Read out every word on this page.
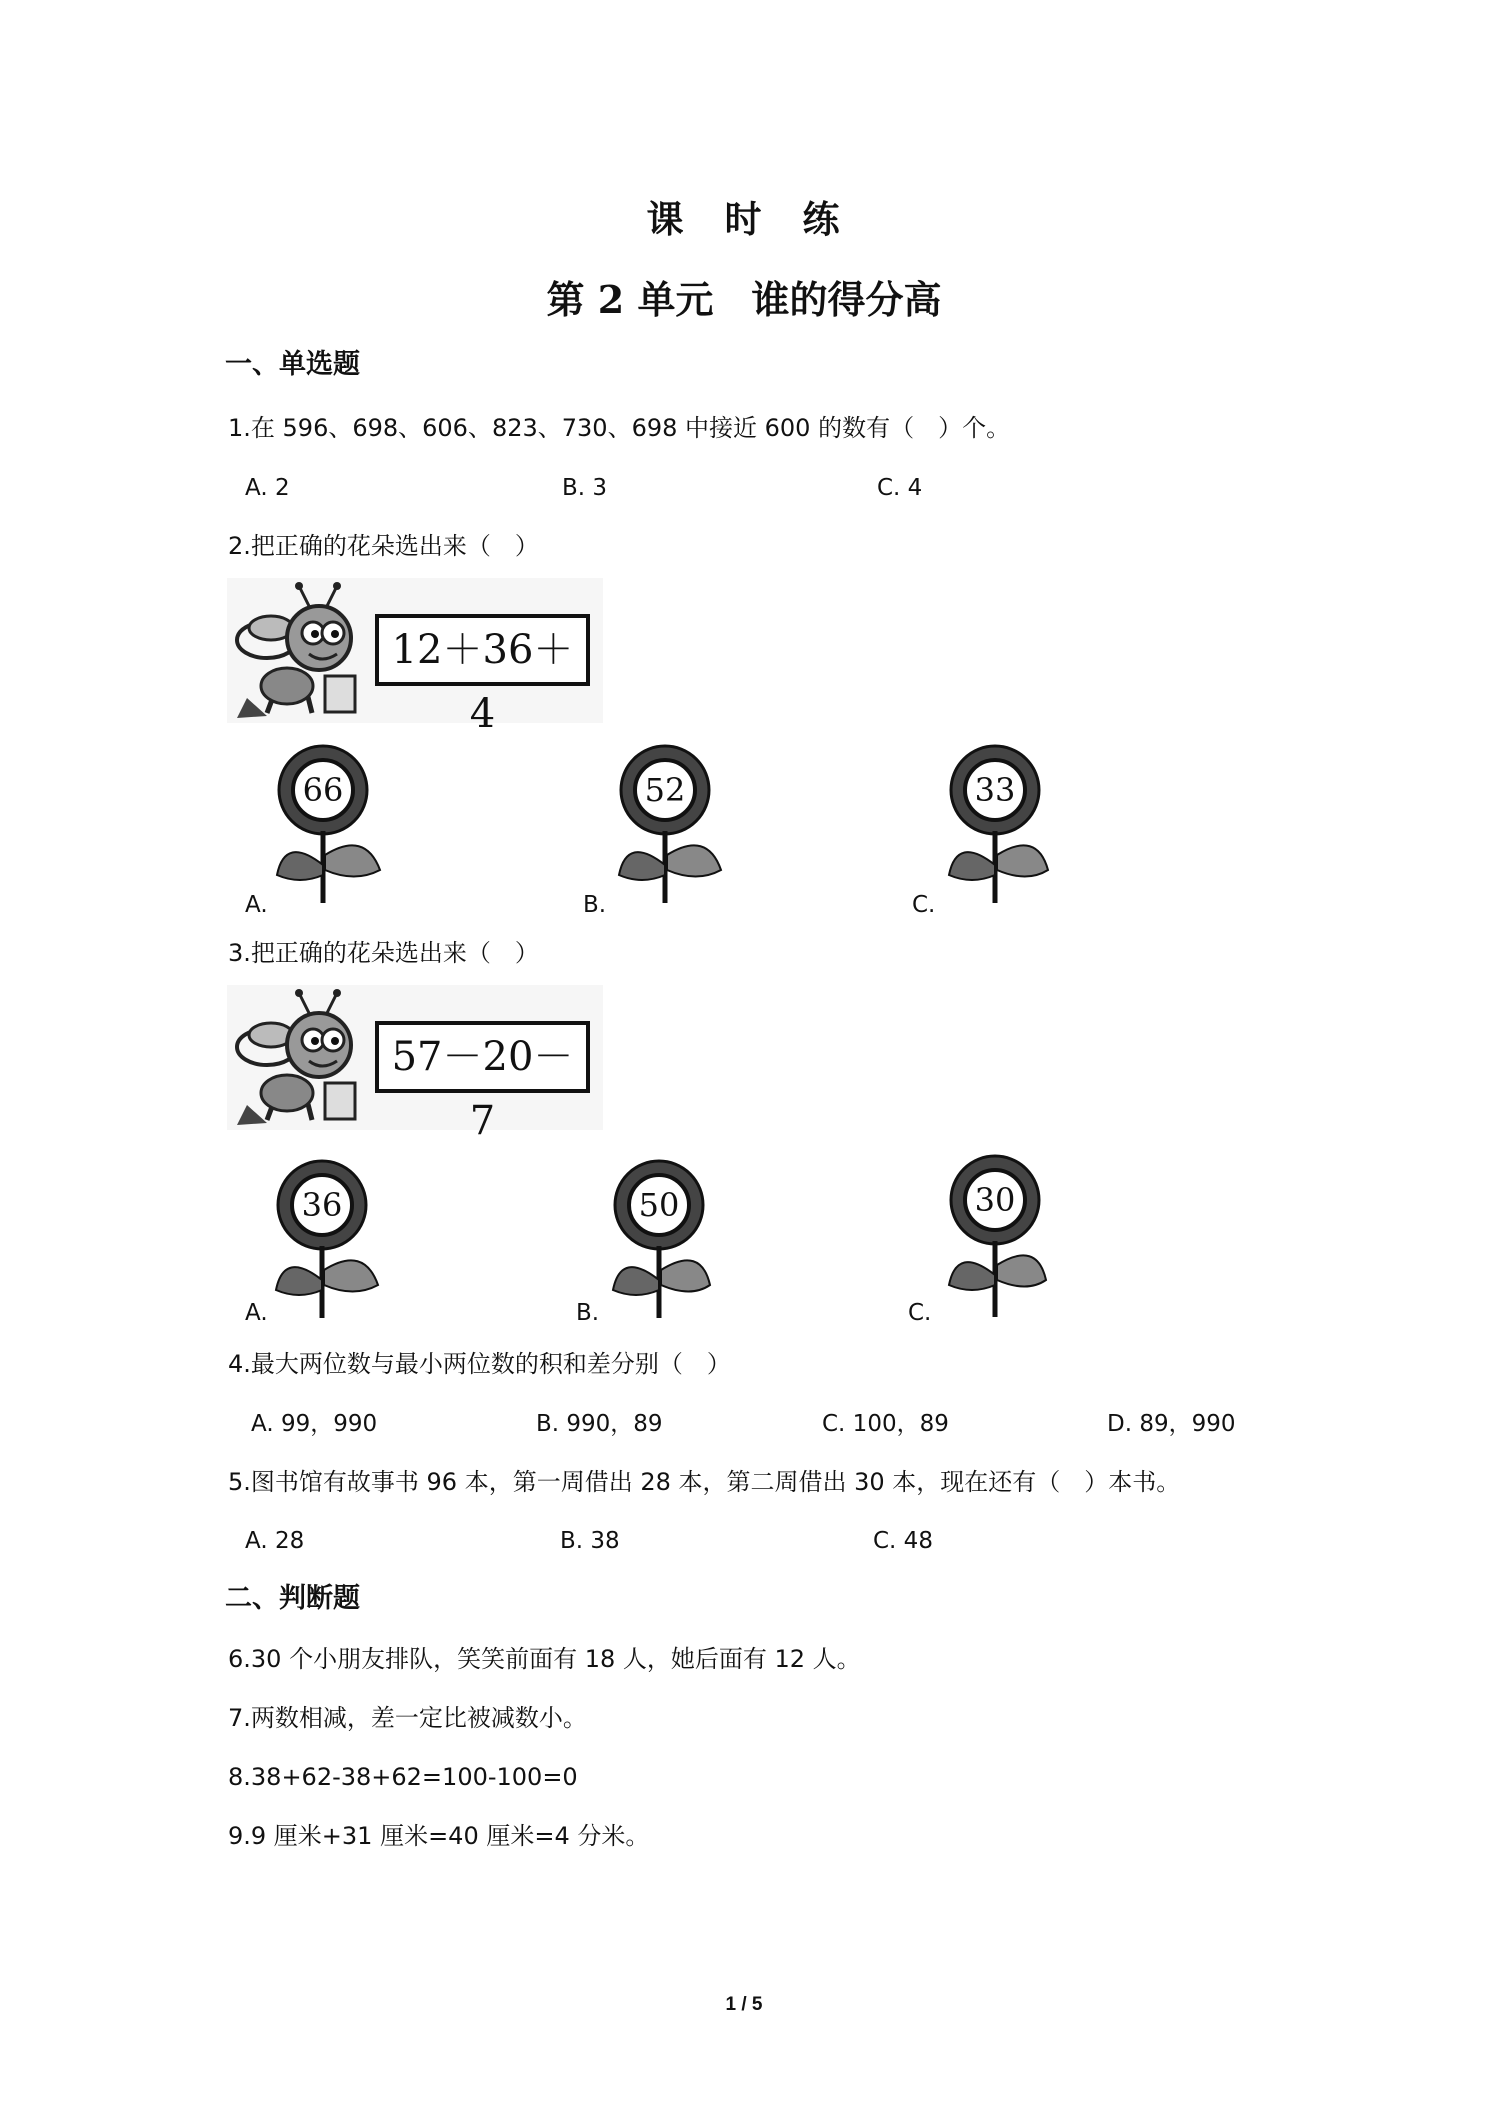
课　时　练
第 2 单元　谁的得分高
一、单选题
1.在 596、698、606、823、730、698 中接近 600 的数有（　）个。
A. 2	B. 3	C. 4
2.把正确的花朵选出来（　）
12＋36＋4
66
A.
52
B.
33
C.
3.把正确的花朵选出来（　）
57－20－7
36
A.
50
B.
30
C.
4.最大两位数与最小两位数的积和差分别（　）
A. 99，990	B. 990，89	C. 100，89	D. 89，990
5.图书馆有故事书 96 本，第一周借出 28 本，第二周借出 30 本，现在还有（　）本书。
A. 28	B. 38	C. 48
二、判断题
6.30 个小朋友排队，笑笑前面有 18 人，她后面有 12 人。
7.两数相减，差一定比被减数小。
8.38+62-38+62=100-100=0
9.9 厘米+31 厘米=40 厘米=4 分米。
1 / 5
